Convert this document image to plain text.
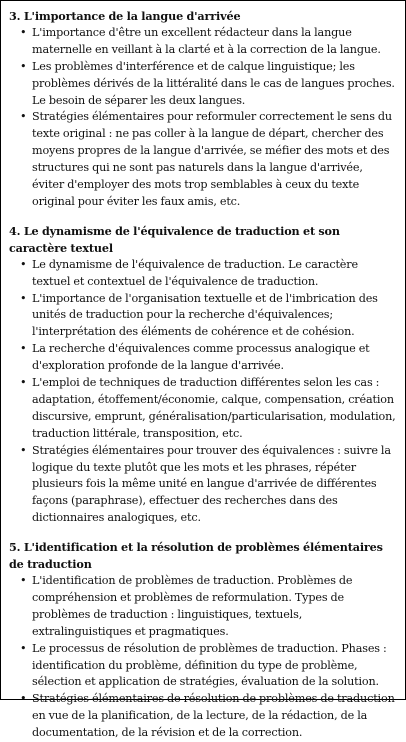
3. L'importance de la langue d'arrivée

• L'importance d'être un excellent rédacteur dans la langue maternelle en veillant à la clarté et à la correction de la langue.
• Les problèmes d'interférence et de calque linguistique; les problèmes dérivés de la littéralité dans le cas de langues proches. Le besoin de séparer les deux langues.
• Stratégies élémentaires pour reformuler correctement le sens du texte original : ne pas coller à la langue de départ, chercher des moyens propres de la langue d'arrivée, se méfier des mots et des structures qui ne sont pas naturels dans la langue d'arrivée, éviter d'employer des mots trop semblables à ceux du texte original pour éviter les faux amis, etc.

4. Le dynamisme de l'équivalence de traduction et son caractère textuel

• Le dynamisme de l'équivalence de traduction. Le caractère textuel et contextuel de l'équivalence de traduction.
• L'importance de l'organisation textuelle et de l'imbrication des unités de traduction pour la recherche d'équivalences; l'interprétation des éléments de cohérence et de cohésion.
• La recherche d'équivalences comme processus analogique et d'exploration profonde de la langue d'arrivée.
• L'emploi de techniques de traduction différentes selon les cas : adaptation, étoffement/économie, calque, compensation, création discursive, emprunt, généralisation/particularisation, modulation, traduction littérale, transposition, etc.
• Stratégies élémentaires pour trouver des équivalences : suivre la logique du texte plutôt que les mots et les phrases, répéter plusieurs fois la même unité en langue d'arrivée de différentes façons (paraphrase), effectuer des recherches dans des dictionnaires analogiques, etc.

5. L'identification et la résolution de problèmes élémentaires de traduction

• L'identification de problèmes de traduction. Problèmes de compréhension et problèmes de reformulation. Types de problèmes de traduction : linguistiques, textuels, extralinguistiques et pragmatiques.
• Le processus de résolution de problèmes de traduction. Phases : identification du problème, définition du type de problème, sélection et application de stratégies, évaluation de la solution.
• Stratégies élémentaires de résolution de problèmes de traduction en vue de la planification, de la lecture, de la rédaction, de la documentation, de la révision et de la correction.
